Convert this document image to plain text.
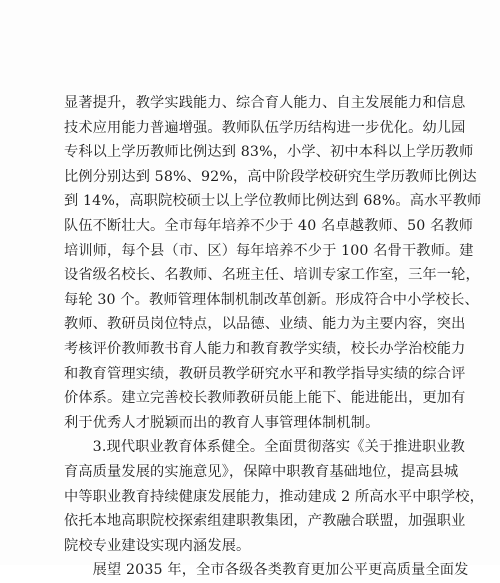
显著提升，教学实践能力、综合育人能力、自主发展能力和信息
技术应用能力普遍增强。教师队伍学历结构进一步优化。幼儿园
专科以上学历教师比例达到 83%，小学、初中本科以上学历教师
比例分别达到 58%、92%，高中阶段学校研究生学历教师比例达
到 14%，高职院校硕士以上学位教师比例达到 68%。高水平教师
队伍不断壮大。全市每年培养不少于 40 名卓越教师、50 名教师
培训师，每个县（市、区）每年培养不少于 100 名骨干教师。建
设省级名校长、名教师、名班主任、培训专家工作室，三年一轮，
每轮 30 个。教师管理体制机制改革创新。形成符合中小学校长、
教师、教研员岗位特点，以品德、业绩、能力为主要内容，突出
考核评价教师教书育人能力和教育教学实绩，校长办学治校能力
和教育管理实绩，教研员教学研究水平和教学指导实绩的综合评
价体系。建立完善校长教师教研员能上能下、能进能出，更加有
利于优秀人才脱颖而出的教育人事管理体制机制。
　　3.现代职业教育体系健全。全面贯彻落实《关于推进职业教
育高质量发展的实施意见》，保障中职教育基础地位，提高县城
中等职业教育持续健康发展能力，推动建成 2 所高水平中职学校，
依托本地高职院校探索组建职教集团，产教融合联盟，加强职业
院校专业建设实现内涵发展。
　　展望 2035 年，全市各级各类教育更加公平更高质量全面发
